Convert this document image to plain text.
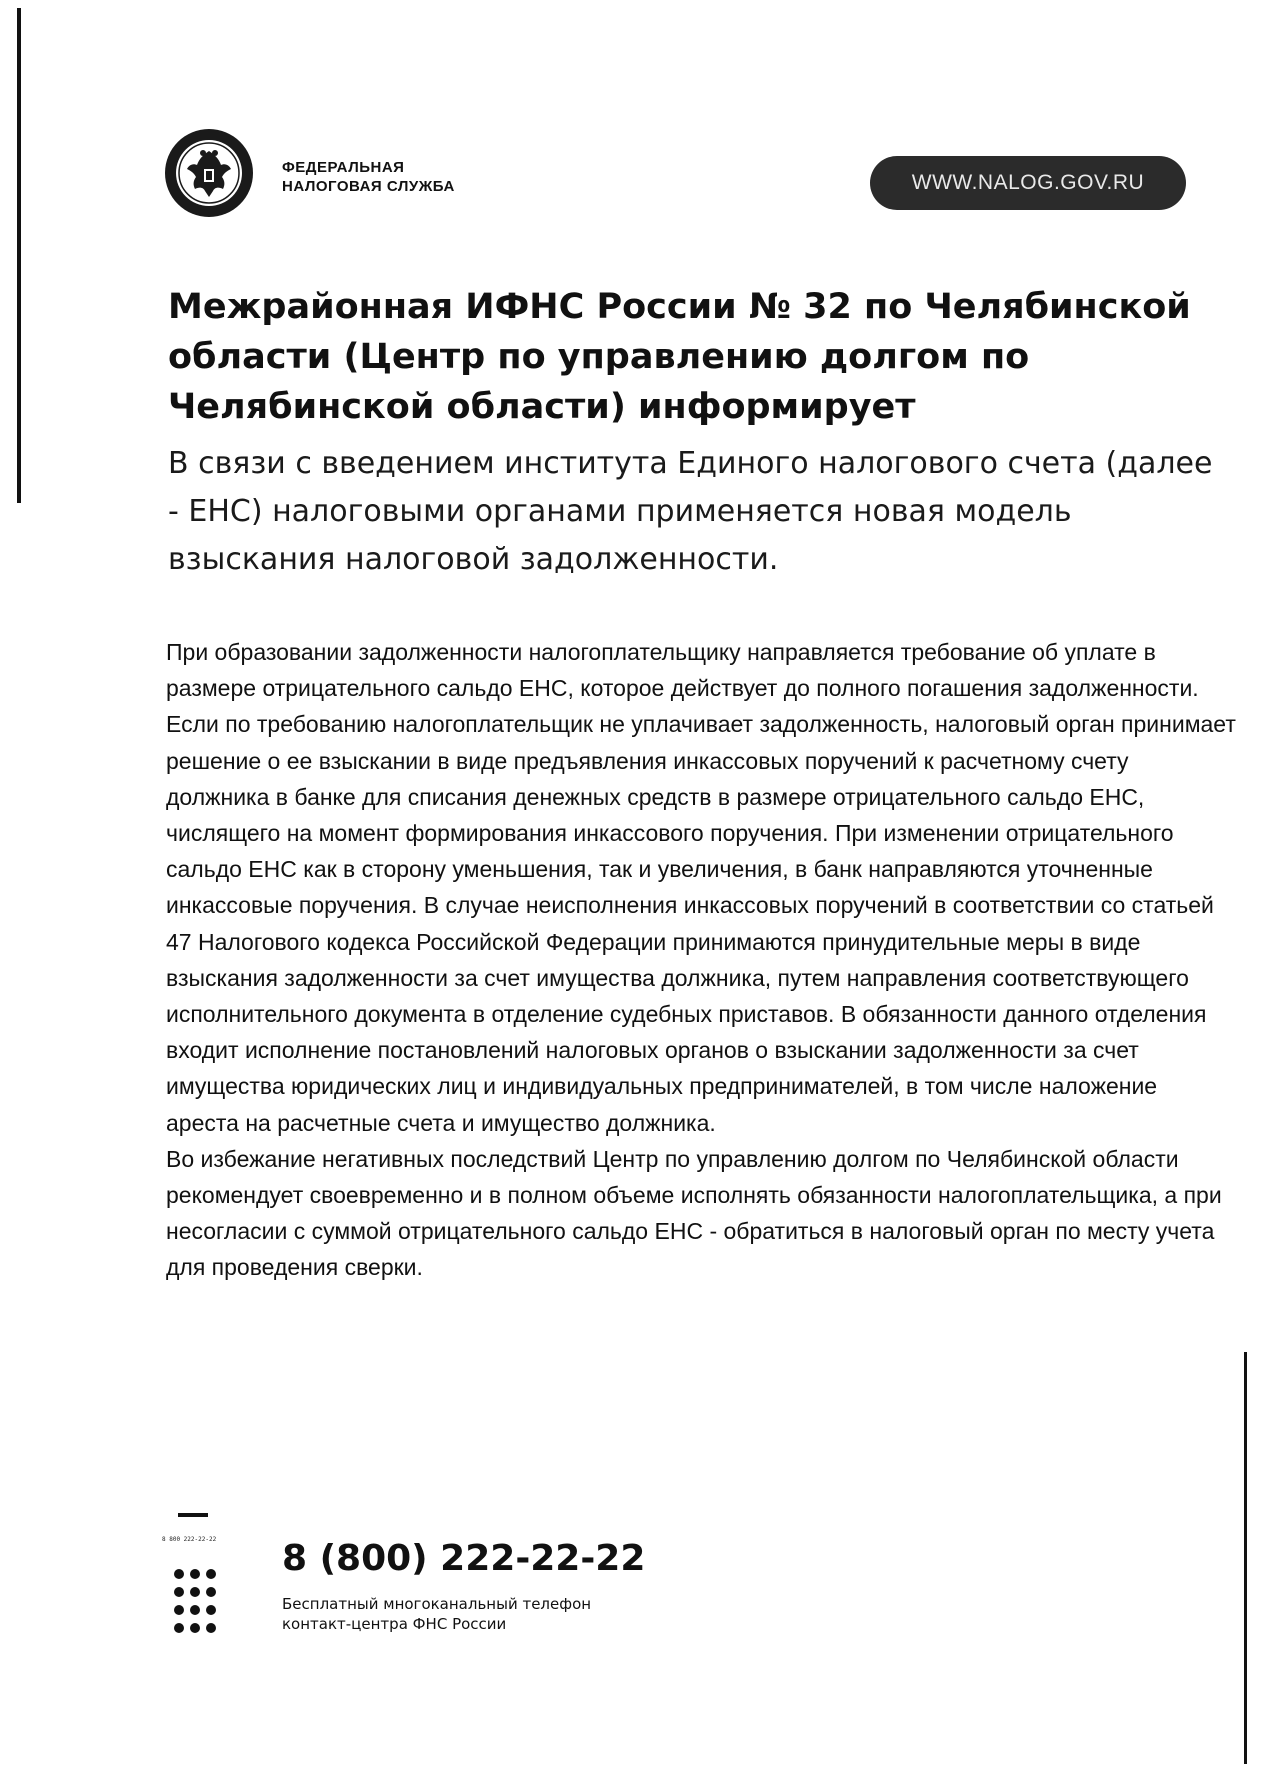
ФЕДЕРАЛЬНАЯ
НАЛОГОВАЯ СЛУЖБА	WWW.NALOG.GOV.RU
Межрайонная ИФНС России № 32 по Челябинской области (Центр по управлению долгом по Челябинской области) информирует

В связи с введением института Единого налогового счета (далее - ЕНС) налоговыми органами применяется новая модель взыскания налоговой задолженности.

При образовании задолженности налогоплательщику направляется требование об уплате в размере отрицательного сальдо ЕНС, которое действует до полного погашения задолженности. Если по требованию налогоплательщик не уплачивает задолженность, налоговый орган принимает решение о ее взыскании в виде предъявления инкассовых поручений к расчетному счету должника в банке для списания денежных средств в размере отрицательного сальдо ЕНС, числящего на момент формирования инкассового поручения. При изменении отрицательного сальдо ЕНС как в сторону уменьшения, так и увеличения, в банк направляются уточненные инкассовые поручения. В случае неисполнения инкассовых поручений в соответствии со статьей 47 Налогового кодекса Российской Федерации принимаются принудительные меры в виде взыскания задолженности за счет имущества должника, путем направления соответствующего исполнительного документа в отделение судебных приставов. В обязанности данного отделения входит исполнение постановлений налоговых органов о взыскании задолженности за счет имущества юридических лиц и индивидуальных предпринимателей, в том числе наложение ареста на расчетные счета и имущество должника.
Во избежание негативных последствий Центр по управлению долгом по Челябинской области рекомендует своевременно и в полном объеме исполнять обязанности налогоплательщика, а при несогласии с суммой отрицательного сальдо ЕНС - обратиться в налоговый орган по месту учета для проведения сверки.
8 800 222-22-22 8 (800) 222-22-22
Бесплатный многоканальный телефон
контакт-центра ФНС России
